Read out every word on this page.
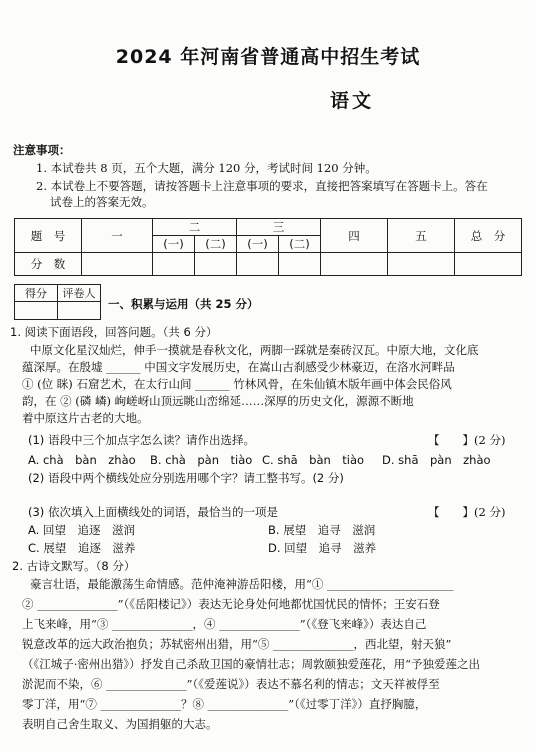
2024 年河南省普通高中招生考试
语文
注意事项：
1. 本试卷共 8 页，五个大题，满分 120 分，考试时间 120 分钟。
2. 本试卷上不要答题，请按答题卡上注意事项的要求，直接把答案填写在答题卡上。答在
试卷上的答案无效。
题　号	一	二		三		四	五	总　分
		(一)	(二)	(一)	(二)			
分　数								
得分	评卷人

一、积累与运用（共 25 分）
1. 阅读下面语段，回答问题。（共 6 分）
中原文化星汉灿烂，伸手一摸就是春秋文化，两脚一踩就是秦砖汉瓦。中原大地，文化底
蕴深厚。在殷墟 ______ 中国文字发展历史，在嵩山古刹感受少林豪迈，在洛水河畔品
① (位 眯) 石窟艺术，在太行山间 ______ 竹林风骨，在朱仙镇木版年画中体会民俗风
韵，在 ② (磷 嶙) 峋嵯岈山顶远眺山峦绵延……深厚的历史文化，源源不断地
着中原这片古老的大地。
(1) 语段中三个加点字怎么读？请作出选择。	【　　】(2 分)
A. chà　bàn　zhào B. chà　pàn　tiào C. shā　bàn　tiào D. shā　pàn　zhào
(2) 语段中两个横线处应分别选用哪个字？请工整书写。(2 分)
(3) 依次填入上面横线处的词语，最恰当的一项是	【　　】(2 分)
A. 回望　追逐　滋润	B. 展望　追寻　滋润
C. 展望　追逐　滋养	D. 回望　追寻　滋养
2. 古诗文默写。（8 分）
豪言壮语，最能激荡生命情感。范仲淹神游岳阳楼，用“① ______________________
② ______________”（《岳阳楼记》）表达无论身处何地都忧国忧民的情怀；王安石登
上飞来峰，用“③ ______________，④ ______________”（《登飞来峰》）表达自己
锐意改革的远大政治抱负；苏轼密州出猎，用“⑤ ______________，西北望，射天狼”
（《江城子·密州出猎》）抒发自己杀敌卫国的豪情壮志；周敦颐独爱莲花，用“予独爱莲之出
淤泥而不染，⑥ ______________”（《爱莲说》）表达不慕名利的情志；文天祥被俘至
零丁洋，用“⑦ ______________？⑧ ______________”（《过零丁洋》）直抒胸臆，
表明自己舍生取义、为国捐躯的大志。
